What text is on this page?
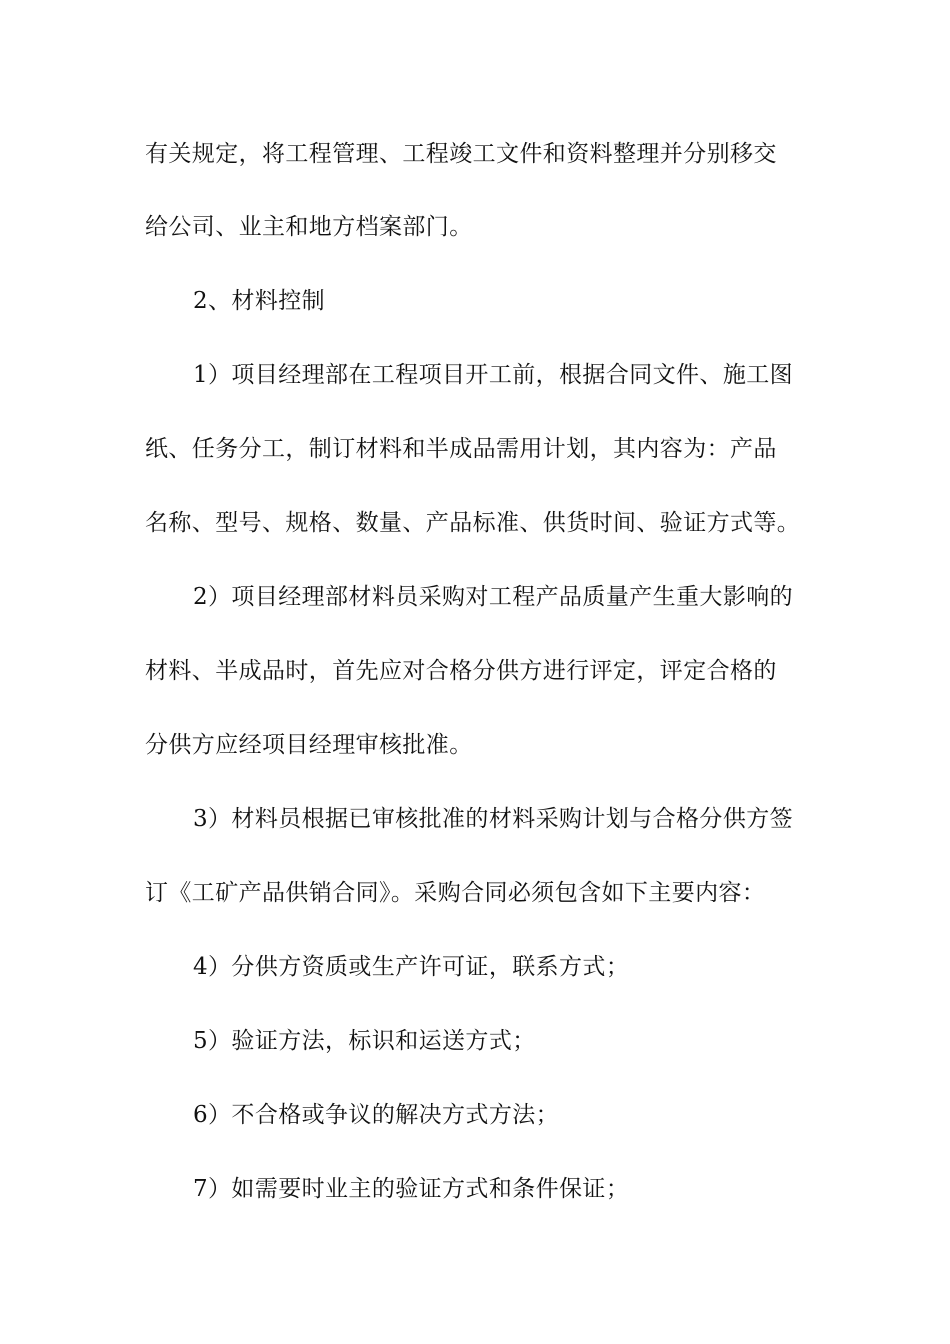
有关规定，将工程管理、工程竣工文件和资料整理并分别移交
给公司、业主和地方档案部门。
2、材料控制
1）项目经理部在工程项目开工前，根据合同文件、施工图
纸、任务分工，制订材料和半成品需用计划，其内容为：产品
名称、型号、规格、数量、产品标准、供货时间、验证方式等。
2）项目经理部材料员采购对工程产品质量产生重大影响的
材料、半成品时，首先应对合格分供方进行评定，评定合格的
分供方应经项目经理审核批准。
3）材料员根据已审核批准的材料采购计划与合格分供方签
订《工矿产品供销合同》。采购合同必须包含如下主要内容：
4）分供方资质或生产许可证，联系方式；
5）验证方法，标识和运送方式；
6）不合格或争议的解决方式方法；
7）如需要时业主的验证方式和条件保证；
